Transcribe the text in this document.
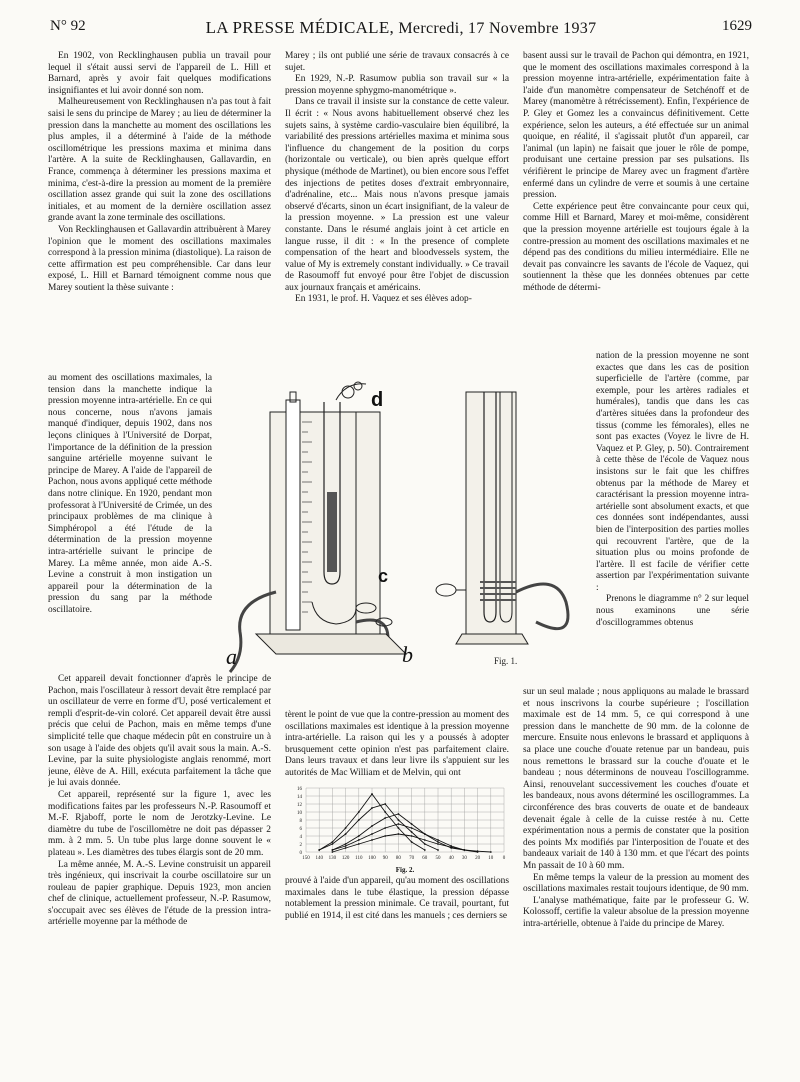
N° 92	LA PRESSE MÉDICALE, Mercredi, 17 Novembre 1937	1629

En 1902, von Recklinghausen publia un travail pour lequel il s'était aussi servi de l'appareil de L. Hill et Barnard, après y avoir fait quelques modifications insignifiantes et lui avoir donné son nom.

Malheureusement von Recklinghausen n'a pas tout à fait saisi le sens du principe de Marey ; au lieu de déterminer la pression dans la manchette au moment des oscillations les plus amples, il a déterminé à l'aide de la méthode oscillométrique les pressions maxima et minima dans l'artère. A la suite de Recklinghausen, Gallavardin, en France, commença à déterminer les pressions maxima et minima, c'est-à-dire la pression au moment de la première oscillation assez grande qui suit la zone des oscillations initiales, et au moment de la dernière oscillation assez grande avant la zone terminale des oscillations.

Von Recklinghausen et Gallavardin attribuèrent à Marey l'opinion que le moment des oscillations maximales correspond à la pression minima (diastolique). La raison de cette affirmation est peu compréhensible. Car dans leur exposé, L. Hill et Barnard témoignent comme nous que Marey soutient la thèse suivante :

au moment des oscillations maximales, la tension dans la manchette indique la pression moyenne intra-artérielle. En ce qui nous concerne, nous n'avons jamais manqué d'indiquer, depuis 1902, dans nos leçons cliniques à l'Université de Dorpat, l'importance de la définition de la pression sanguine artérielle moyenne suivant le principe de Marey. A l'aide de l'appareil de Pachon, nous avons appliqué cette méthode dans notre clinique. En 1920, pendant mon professorat à l'Université de Crimée, un des principaux problèmes de ma clinique à Simphéropol a été l'étude de la détermination de la pression moyenne intra-artérielle suivant le principe de Marey. La même année, mon aide A.-S. Levine a construit à mon instigation un appareil pour la détermination de la pression du sang par la méthode oscillatoire.

Cet appareil devait fonctionner d'après le principe de Pachon, mais l'oscillateur à ressort devait être remplacé par un oscillateur de verre en forme d'U, posé verticalement et rempli d'esprit-de-vin coloré. Cet appareil devait être aussi précis que celui de Pachon, mais en même temps d'une simplicité telle que chaque médecin pût en construire un à son usage à l'aide des objets qu'il avait sous la main. A.-S. Levine, par la suite physiologiste anglais renommé, mort jeune, élève de A. Hill, exécuta parfaitement la tâche que je lui avais donnée.

Cet appareil, représenté sur la figure 1, avec les modifications faites par les professeurs N.-P. Rasoumoff et M.-F. Rjaboff, porte le nom de Jerotzky-Levine. Le diamètre du tube de l'oscillomètre ne doit pas dépasser 2 mm. à 2 mm. 5. Un tube plus large donne souvent le « plateau ». Les diamètres des tubes élargis sont de 20 mm.

La même année, M. A.-S. Levine construisit un appareil très ingénieux, qui inscrivait la courbe oscillatoire sur un rouleau de papier graphique. Depuis 1923, mon ancien chef de clinique, actuellement professeur, N.-P. Rasumow, s'occupait avec ses élèves de l'étude de la pression intra-artérielle moyenne par la méthode de

Marey ; ils ont publié une série de travaux consacrés à ce sujet.

En 1929, N.-P. Rasumow publia son travail sur « la pression moyenne sphygmo-manométrique ».

Dans ce travail il insiste sur la constance de cette valeur. Il écrit : « Nous avons habituellement observé chez les sujets sains, à système cardio-vasculaire bien équilibré, la variabilité des pressions artérielles maxima et minima sous l'influence du changement de la position du corps (horizontale ou verticale), ou bien après quelque effort physique (méthode de Martinet), ou bien encore sous l'effet des injections de petites doses d'extrait embryonnaire, d'adrénaline, etc... Mais nous n'avons presque jamais observé d'écarts, sinon un écart insignifiant, de la valeur de la pression moyenne. » La pression est une valeur constante. Dans le résumé anglais joint à cet article en langue russe, il dit : « In the presence of complete compensation of the heart and bloodvessels system, the value of My is extremely constant individually. » Ce travail de Rasoumoff fut envoyé pour être l'objet de discussion aux journaux français et américains.

En 1931, le prof. H. Vaquez et ses élèves adop-

tèrent le point de vue que la contre-pression au moment des oscillations maximales est identique à la pression moyenne intra-artérielle. La raison qui les y a poussés à adopter brusquement cette opinion n'est pas parfaitement claire. Dans leurs travaux et dans leur livre ils s'appuient sur les autorités de Mac William et de Melvin, qui ont

prouvé à l'aide d'un appareil, qu'au moment des oscillations maximales dans le tube élastique, la pression dépasse notablement la pression minimale. Ce travail, pourtant, fut publié en 1914, il est cité dans les manuels ; ces derniers se

basent aussi sur le travail de Pachon qui démontra, en 1921, que le moment des oscillations maximales correspond à la pression moyenne intra-artérielle, expérimentation faite à l'aide d'un manomètre compensateur de Setchénoff et de Marey (manomètre à rétrécissement). Enfin, l'expérience de P. Gley et Gomez les a convaincus définitivement. Cette expérience, selon les auteurs, a été effectuée sur un animal quoique, en réalité, il s'agissait plutôt d'un appareil, car l'animal (un lapin) ne faisait que jouer le rôle de pompe, produisant une certaine pression par ses pulsations. Ils vérifièrent le principe de Marey avec un fragment d'artère enfermé dans un cylindre de verre et soumis à une certaine pression.

Cette expérience peut être convaincante pour ceux qui, comme Hill et Barnard, Marey et moi-même, considèrent que la pression moyenne artérielle est toujours égale à la contre-pression au moment des oscillations maximales et ne dépend pas des conditions du milieu intermédiaire. Elle ne devait pas convaincre les savants de l'école de Vaquez, qui soutiennent la thèse que les données obtenues par cette méthode de détermi-

nation de la pression moyenne ne sont exactes que dans les cas de position superficielle de l'artère (comme, par exemple, pour les artères radiales et humérales), tandis que dans les cas d'artères situées dans la profondeur des tissus (comme les fémorales), elles ne sont pas exactes (Voyez le livre de H. Vaquez et P. Gley, p. 50). Contrairement à cette thèse de l'école de Vaquez nous insistons sur le fait que les chiffres obtenus par la méthode de Marey et caractérisant la pression moyenne intra-artérielle sont absolument exacts, et que ces données sont indépendantes, aussi bien de l'interposition des parties molles qui recouvrent l'artère, que de la situation plus ou moins profonde de l'artère. Il est facile de vérifier cette assertion par l'expérimentation suivante :

Prenons le diagramme n° 2 sur lequel nous examinons une série d'oscillogrammes obtenus

sur un seul malade ; nous appliquons au malade le brassard et nous inscrivons la courbe supérieure ; l'oscillation maximale est de 14 mm. 5, ce qui correspond à une pression dans le manchette de 90 mm. de la colonne de mercure. Ensuite nous enlevons le brassard et appliquons à sa place une couche d'ouate retenue par un bandeau, puis nous remettons le brassard sur la couche d'ouate et le bandeau ; nous déterminons de nouveau l'oscillogramme. Ainsi, renouvelant successivement les couches d'ouate et les bandeaux, nous avons déterminé les oscillogrammes. La circonférence des bras couverts de ouate et de bandeaux devenait égale à celle de la cuisse restée à nu. Cette expérimentation nous a permis de constater que la position des points Mx modifiés par l'interposition de l'ouate et des bandeaux variait de 140 à 130 mm. et que l'écart des points Mn passait de 10 à 60 mm.

En même temps la valeur de la pression au moment des oscillations maximales restait toujours identique, de 90 mm.

L'analyse mathématique, faite par le professeur G. W. Kolossoff, certifie la valeur absolue de la pression moyenne intra-artérielle, obtenue à l'aide du principe de Marey.

d
c
a	b	Fig. 1.
0
2
4
6
8
10
12
14
16
150 140 130 120 110 100 90 80 70 60 50 40 30 20 10 0
Fig. 2.
